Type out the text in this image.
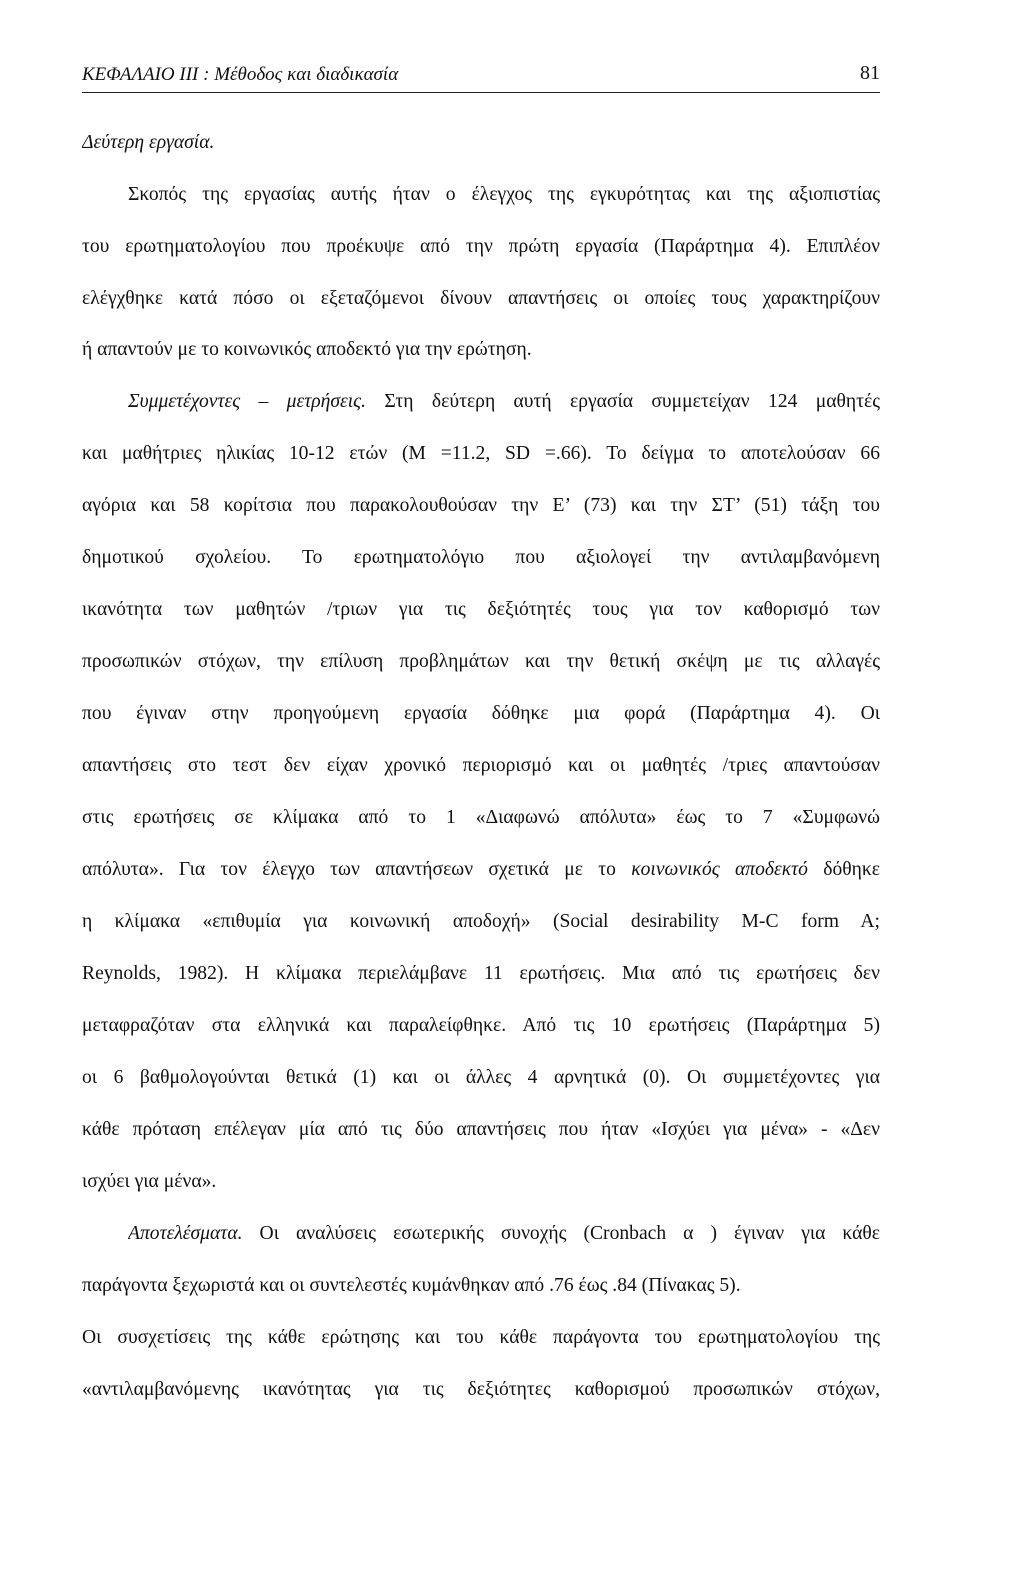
ΚΕΦΑΛΑΙΟ ΙΙΙ : Μέθοδος και διαδικασία	81
Δεύτερη εργασία.
Σκοπός της εργασίας αυτής ήταν ο έλεγχος της εγκυρότητας και της αξιοπιστίας
του ερωτηματολογίου που προέκυψε από την πρώτη εργασία (Παράρτημα 4). Επιπλέον
ελέγχθηκε κατά πόσο οι εξεταζόμενοι δίνουν απαντήσεις οι οποίες τους χαρακτηρίζουν
ή απαντούν με το κοινωνικός αποδεκτό για την ερώτηση.
Συμμετέχοντες – μετρήσεις. Στη δεύτερη αυτή εργασία συμμετείχαν 124 μαθητές
και μαθήτριες ηλικίας 10-12 ετών (Μ =11.2, SD =.66). Το δείγμα το αποτελούσαν 66
αγόρια και 58 κορίτσια που παρακολουθούσαν την Ε’ (73) και την ΣΤ’ (51) τάξη του
δημοτικού σχολείου. Το ερωτηματολόγιο που αξιολογεί την αντιλαμβανόμενη
ικανότητα των μαθητών /τριων για τις δεξιότητές τους για τον καθορισμό των
προσωπικών στόχων, την επίλυση προβλημάτων και την θετική σκέψη με τις αλλαγές
που έγιναν στην προηγούμενη εργασία δόθηκε μια φορά (Παράρτημα 4). Οι
απαντήσεις στο τεστ δεν είχαν χρονικό περιορισμό και οι μαθητές /τριες απαντούσαν
στις ερωτήσεις σε κλίμακα από το 1 «Διαφωνώ απόλυτα» έως το 7 «Συμφωνώ
απόλυτα». Για τον έλεγχο των απαντήσεων σχετικά με το κοινωνικός αποδεκτό δόθηκε
η κλίμακα «επιθυμία για κοινωνική αποδοχή» (Social desirability M-C form A;
Reynolds, 1982). Η κλίμακα περιελάμβανε 11 ερωτήσεις. Μια από τις ερωτήσεις δεν
μεταφραζόταν στα ελληνικά και παραλείφθηκε. Από τις 10 ερωτήσεις (Παράρτημα 5)
οι 6 βαθμολογούνται θετικά (1) και οι άλλες 4 αρνητικά (0). Οι συμμετέχοντες για
κάθε πρόταση επέλεγαν μία από τις δύο απαντήσεις που ήταν «Ισχύει για μένα» - «Δεν
ισχύει για μένα».
Αποτελέσματα. Οι αναλύσεις εσωτερικής συνοχής (Cronbach α ) έγιναν για κάθε
παράγοντα ξεχωριστά και οι συντελεστές κυμάνθηκαν από .76 έως .84 (Πίνακας 5).
Οι συσχετίσεις της κάθε ερώτησης και του κάθε παράγοντα του ερωτηματολογίου της
«αντιλαμβανόμενης ικανότητας για τις δεξιότητες καθορισμού προσωπικών στόχων,
